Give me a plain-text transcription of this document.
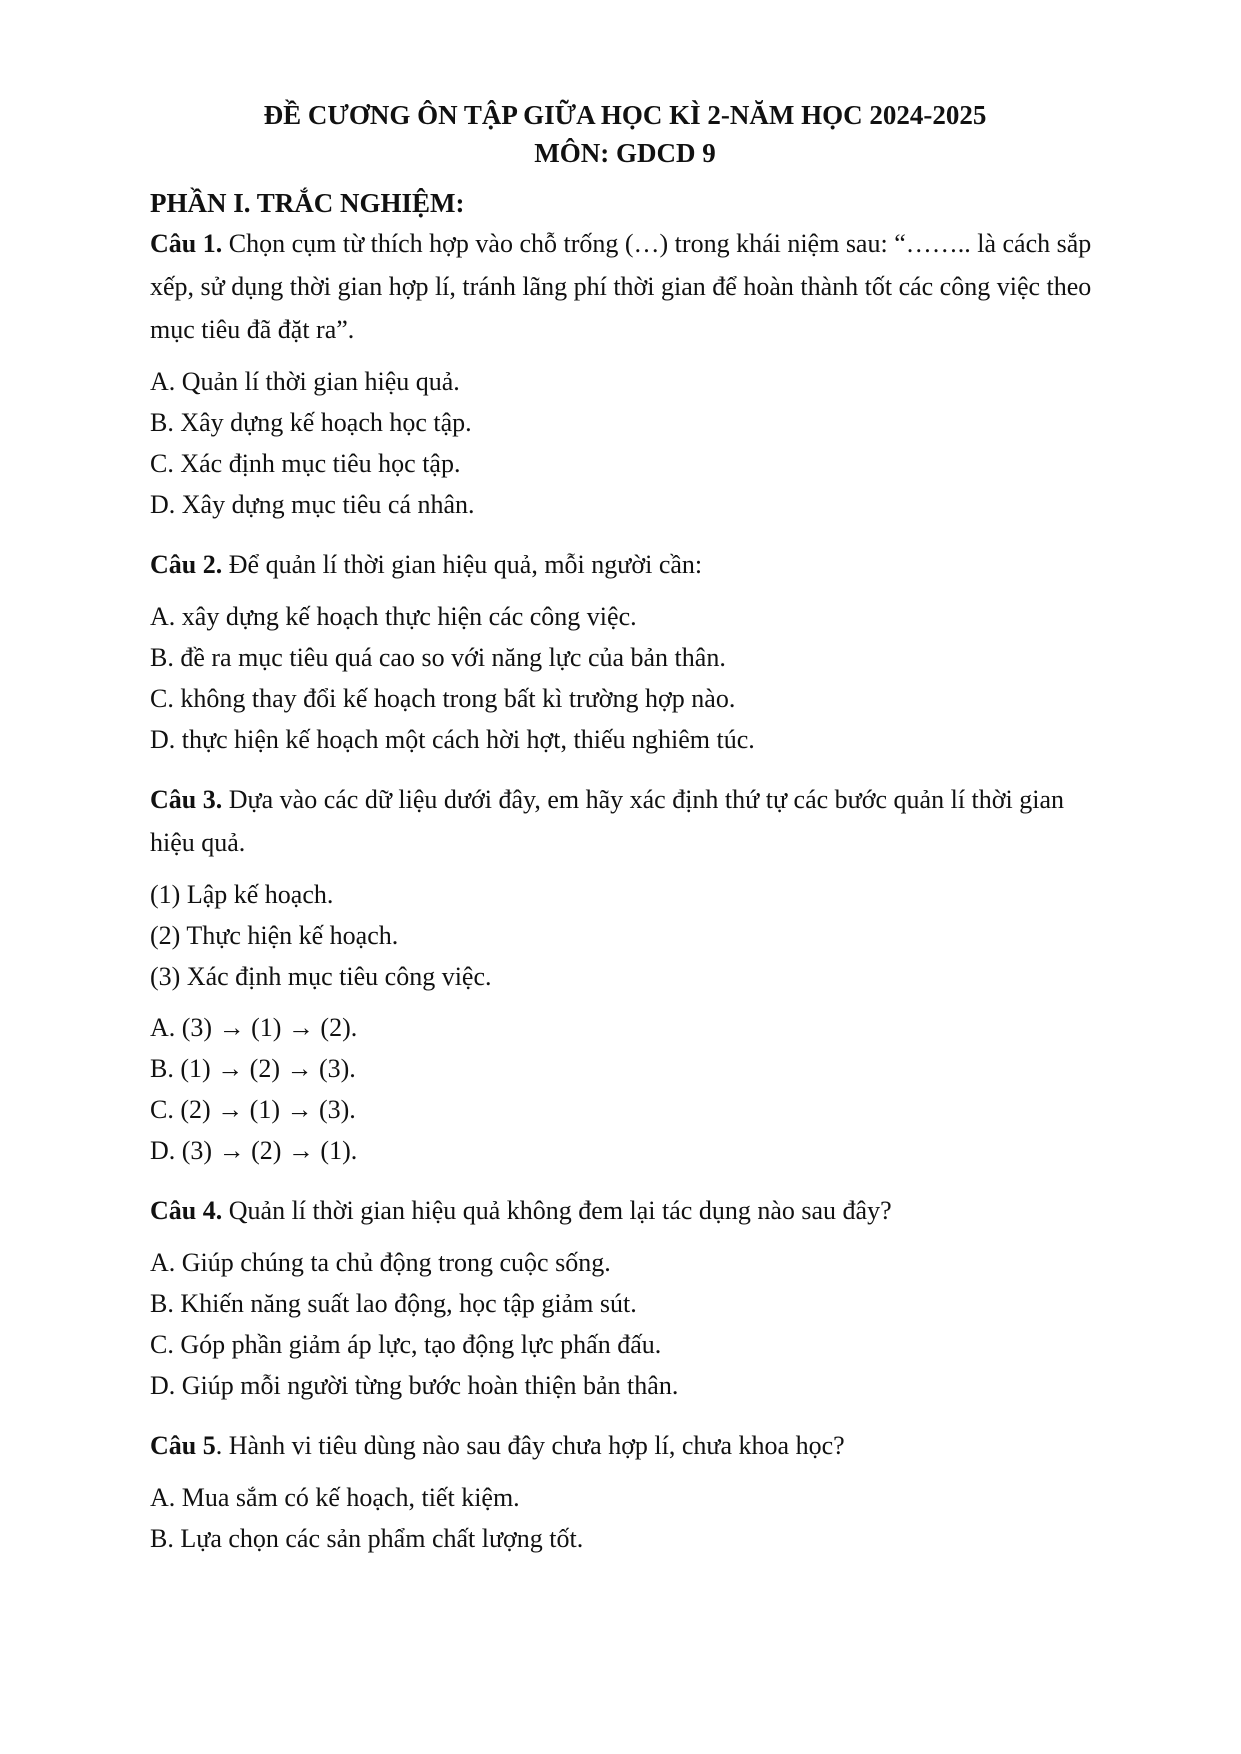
ĐỀ CƯƠNG ÔN TẬP GIỮA HỌC KÌ 2-NĂM HỌC 2024-2025

MÔN: GDCD 9

PHẦN I. TRẮC NGHIỆM:

Câu 1. Chọn cụm từ thích hợp vào chỗ trống (…) trong khái niệm sau: “…….. là cách sắp xếp, sử dụng thời gian hợp lí, tránh lãng phí thời gian để hoàn thành tốt các công việc theo mục tiêu đã đặt ra”.

A. Quản lí thời gian hiệu quả.
B. Xây dựng kế hoạch học tập.
C. Xác định mục tiêu học tập.
D. Xây dựng mục tiêu cá nhân.

Câu 2. Để quản lí thời gian hiệu quả, mỗi người cần:

A. xây dựng kế hoạch thực hiện các công việc.
B. đề ra mục tiêu quá cao so với năng lực của bản thân.
C. không thay đổi kế hoạch trong bất kì trường hợp nào.
D. thực hiện kế hoạch một cách hời hợt, thiếu nghiêm túc.

Câu 3. Dựa vào các dữ liệu dưới đây, em hãy xác định thứ tự các bước quản lí thời gian hiệu quả.

(1) Lập kế hoạch.
(2) Thực hiện kế hoạch.
(3) Xác định mục tiêu công việc.
A. (3) → (1) → (2).
B. (1) → (2) → (3).
C. (2) → (1) → (3).
D. (3) → (2) → (1).

Câu 4. Quản lí thời gian hiệu quả không đem lại tác dụng nào sau đây?

A. Giúp chúng ta chủ động trong cuộc sống.
B. Khiến năng suất lao động, học tập giảm sút.
C. Góp phần giảm áp lực, tạo động lực phấn đấu.
D. Giúp mỗi người từng bước hoàn thiện bản thân.

Câu 5. Hành vi tiêu dùng nào sau đây chưa hợp lí, chưa khoa học?

A. Mua sắm có kế hoạch, tiết kiệm.
B. Lựa chọn các sản phẩm chất lượng tốt.
